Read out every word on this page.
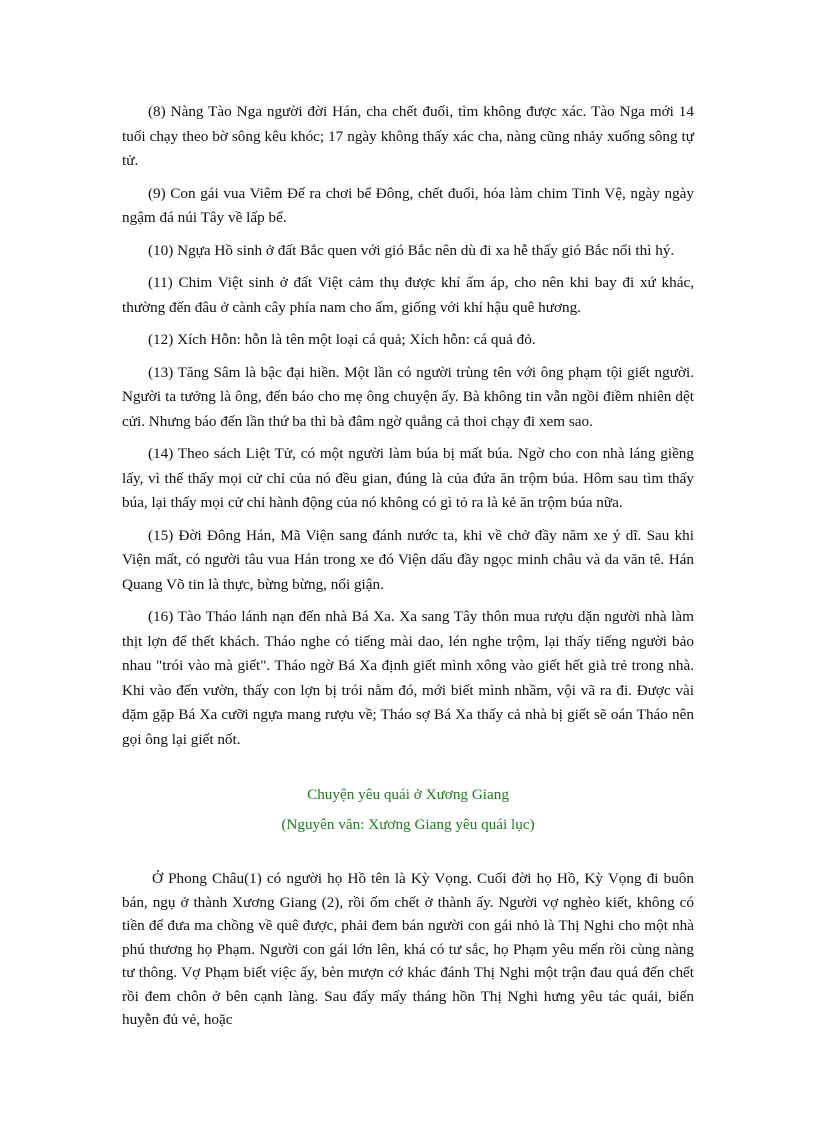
(8) Nàng Tào Nga người đời Hán, cha chết đuối, tìm không được xác. Tào Nga mới 14 tuổi chạy theo bờ sông kêu khóc; 17 ngày không thấy xác cha, nàng cũng nhảy xuống sông tự tử.

(9) Con gái vua Viêm Đế ra chơi bể Đông, chết đuối, hóa làm chim Tinh Vệ, ngày ngày ngậm đá núi Tây về lấp bể.

(10) Ngựa Hồ sinh ở đất Bắc quen với gió Bắc nên dù đi xa hễ thấy gió Bắc nổi thì hý.

(11) Chim Việt sinh ở đất Việt cảm thụ được khí ấm áp, cho nên khi bay đi xứ khác, thường đến đâu ở cành cây phía nam cho ấm, giống với khí hậu quê hương.

(12) Xích Hỗn: hỗn là tên một loại cá quả; Xích hỗn: cá quả đỏ.

(13) Tăng Sâm là bậc đại hiền. Một lần có người trùng tên với ông phạm tội giết người. Người ta tưởng là ông, đến báo cho mẹ ông chuyện ấy. Bà không tin vẫn ngồi điềm nhiên dệt cửi. Nhưng báo đến lần thứ ba thì bà đâm ngờ quẳng cả thoi chạy đi xem sao.

(14) Theo sách Liệt Tử, có một người làm búa bị mất búa. Ngờ cho con nhà láng giềng lấy, vì thế thấy mọi cử chỉ của nó đều gian, đúng là của đứa ăn trộm búa. Hôm sau tìm thấy búa, lại thấy mọi cử chỉ hành động của nó không có gì tỏ ra là kẻ ăn trộm búa nữa.

(15) Đời Đông Hán, Mã Viện sang đánh nước ta, khi về chở đầy năm xe ý dĩ. Sau khi Viện mất, có người tâu vua Hán trong xe đó Viện dấu đầy ngọc minh châu và da văn tê. Hán Quang Võ tin là thực, bừng bừng, nổi giận.

(16) Tào Tháo lánh nạn đến nhà Bá Xa. Xa sang Tây thôn mua rượu dặn người nhà làm thịt lợn để thết khách. Tháo nghe có tiếng mài dao, lén nghe trộm, lại thấy tiếng người bảo nhau "trói vào mà giết". Tháo ngờ Bá Xa định giết mình xông vào giết hết già trẻ trong nhà. Khi vào đến vườn, thấy con lợn bị trói nằm đó, mới biết mình nhầm, vội vã ra đi. Được vài dặm gặp Bá Xa cưỡi ngựa mang rượu về; Tháo sợ Bá Xa thấy cả nhà bị giết sẽ oán Tháo nên gọi ông lại giết nốt.

Chuyện yêu quái ở Xương Giang
(Nguyên văn: Xương Giang yêu quái lục)

Ở Phong Châu(1) có người họ Hồ tên là Kỳ Vọng. Cuối đời họ Hồ, Kỳ Vọng đi buôn bán, ngụ ở thành Xương Giang (2), rồi ốm chết ở thành ấy. Người vợ nghèo kiết, không có tiền để đưa ma chồng về quê được, phải đem bán người con gái nhỏ là Thị Nghi cho một nhà phú thương họ Phạm. Người con gái lớn lên, khá có tư sắc, họ Phạm yêu mến rồi cùng nàng tư thông. Vợ Phạm biết việc ấy, bèn mượn cớ khác đánh Thị Nghi một trận đau quá đến chết rồi đem chôn ở bên cạnh làng. Sau đấy mấy tháng hồn Thị Nghi hưng yêu tác quái, biến huyễn đủ vẻ, hoặc
